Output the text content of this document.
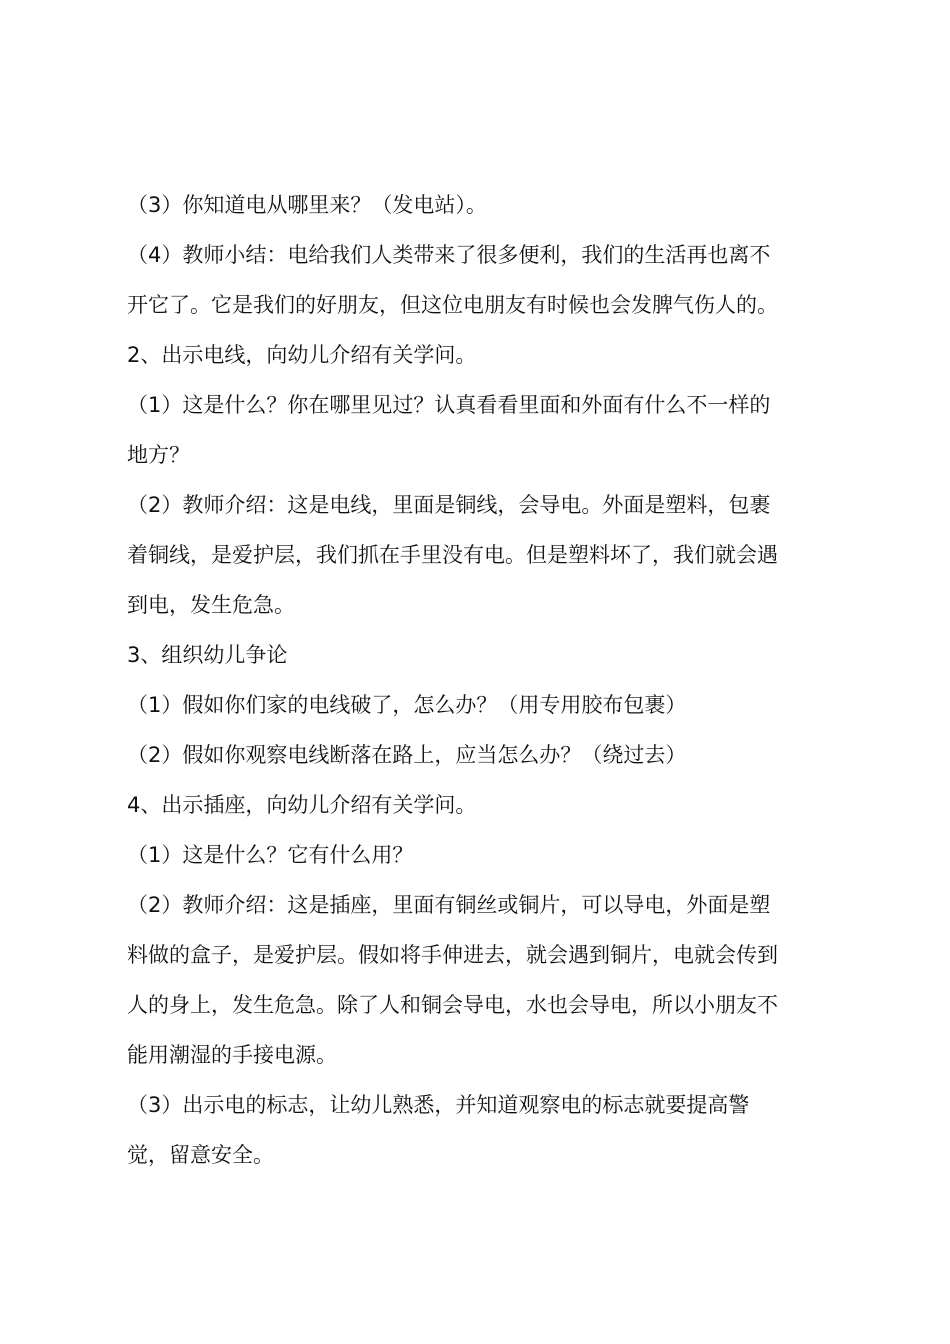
（3）你知道电从哪里来？（发电站）。

（4）教师小结：电给我们人类带来了很多便利，我们的生活再也离不

开它了。它是我们的好朋友，但这位电朋友有时候也会发脾气伤人的。

2、出示电线，向幼儿介绍有关学问。

（1）这是什么？你在哪里见过？认真看看里面和外面有什么不一样的

地方？

（2）教师介绍：这是电线，里面是铜线，会导电。外面是塑料，包裹

着铜线，是爱护层，我们抓在手里没有电。但是塑料坏了，我们就会遇

到电，发生危急。

3、组织幼儿争论

（1）假如你们家的电线破了，怎么办？（用专用胶布包裹）

（2）假如你观察电线断落在路上，应当怎么办？（绕过去）

4、出示插座，向幼儿介绍有关学问。

（1）这是什么？它有什么用？

（2）教师介绍：这是插座，里面有铜丝或铜片，可以导电，外面是塑

料做的盒子，是爱护层。假如将手伸进去，就会遇到铜片，电就会传到

人的身上，发生危急。除了人和铜会导电，水也会导电，所以小朋友不

能用潮湿的手接电源。

（3）出示电的标志，让幼儿熟悉，并知道观察电的标志就要提高警

觉，留意安全。
